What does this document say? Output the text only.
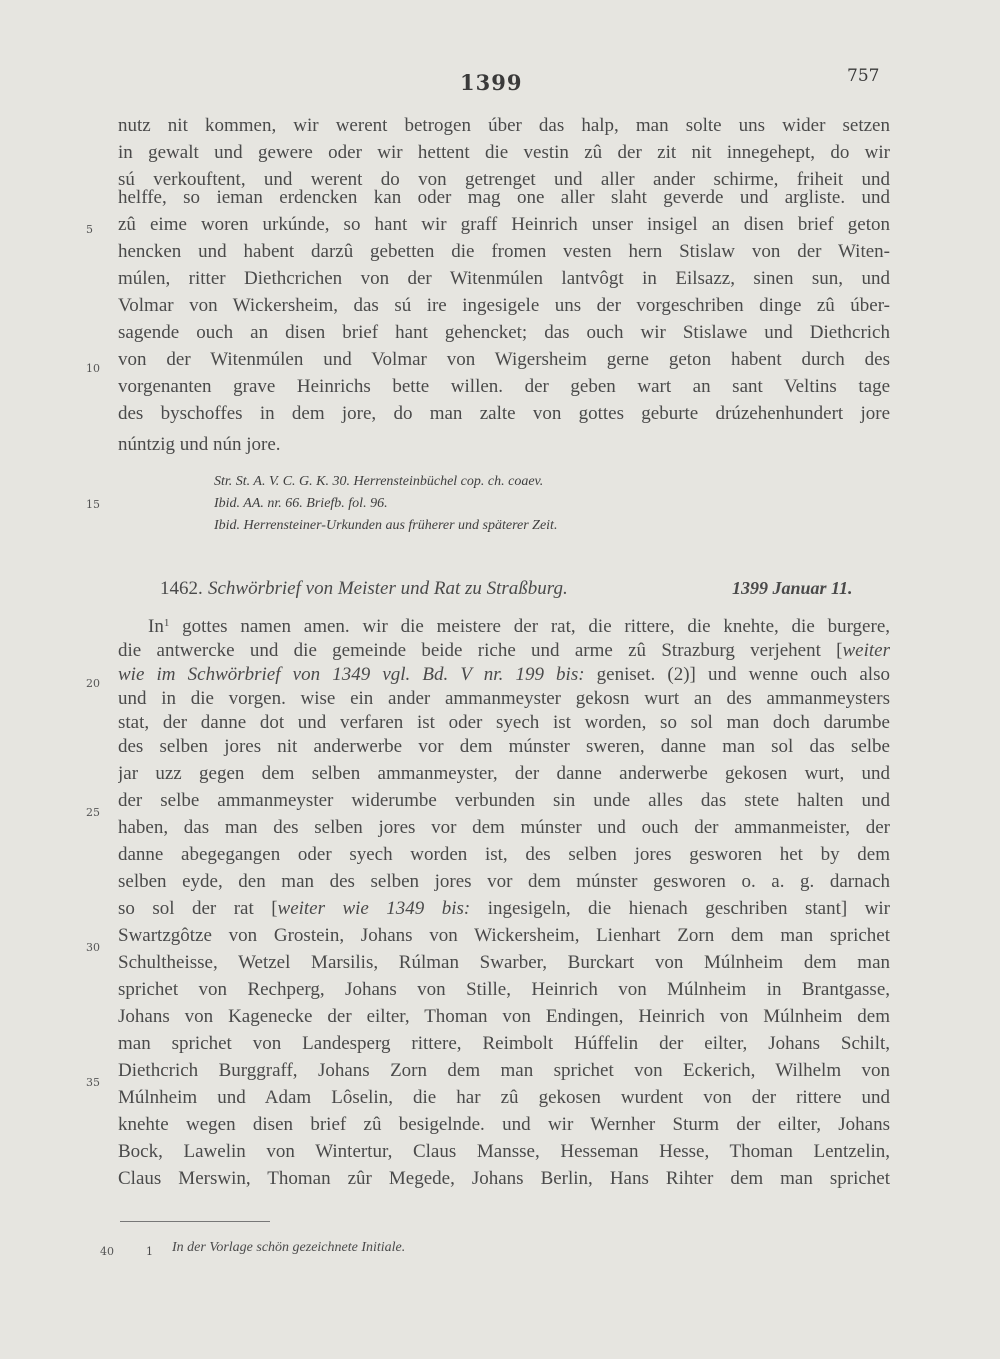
1399	757
nutz nit kommen, wir werent betrogen úber das halp, man solte uns wider setzen
in gewalt und gewere oder wir hettent die vestin zû der zit nit innegehept, do wir
sú verkouftent, und werent do von getrenget und aller ander schirme, friheit und
helffe, so ieman erdencken kan oder mag one aller slaht geverde und argliste. und
zû eime woren urkúnde, so hant wir graff Heinrich unser insigel an disen brief geton
hencken und habent darzû gebetten die fromen vesten hern Stislaw von der Witen-
múlen, ritter Diethcrichen von der Witenmúlen lantvôgt in Eilsazz, sinen sun, und
Volmar von Wickersheim, das sú ire ingesigele uns der vorgeschriben dinge zû úber-
sagende ouch an disen brief hant gehencket; das ouch wir Stislawe und Diethcrich
von der Witenmúlen und Volmar von Wigersheim gerne geton habent durch des
vorgenanten grave Heinrichs bette willen. der geben wart an sant Veltins tage
des byschoffes in dem jore, do man zalte von gottes geburte drúzehenhundert jore
núntzig und nún jore.
Str. St. A. V. C. G. K. 30. Herrensteinbüchel cop. ch. coaev.
Ibid. AA. nr. 66. Briefb. fol. 96.
Ibid. Herrensteiner-Urkunden aus früherer und späterer Zeit.
1462. Schwörbrief von Meister und Rat zu Straßburg.	1399 Januar 11.
In$^1$ gottes namen amen. wir die meistere der rat, die rittere, die knehte, die burgere,
die antwercke und die gemeinde beide riche und arme zû Strazburg verjehent [weiter
wie im Schwörbrief von 1349 vgl. Bd. V nr. 199 bis: geniset. (2)] und wenne ouch also
und in die vorgen. wise ein ander ammanmeyster gekosn wurt an des ammanmeysters
stat, der danne dot und verfaren ist oder syech ist worden, so sol man doch darumbe
des selben jores nit anderwerbe vor dem múnster sweren, danne man sol das selbe
jar uzz gegen dem selben ammanmeyster, der danne anderwerbe gekosen wurt, und
der selbe ammanmeyster widerumbe verbunden sin unde alles das stete halten und
haben, das man des selben jores vor dem múnster und ouch der ammanmeister, der
danne abegegangen oder syech worden ist, des selben jores gesworen het by dem
selben eyde, den man des selben jores vor dem múnster gesworen o. a. g. darnach
so sol der rat [weiter wie 1349 bis: ingesigeln, die hienach geschriben stant] wir
Swartzgôtze von Grostein, Johans von Wickersheim, Lienhart Zorn dem man sprichet
Schultheisse, Wetzel Marsilis, Rúlman Swarber, Burckart von Múlnheim dem man
sprichet von Rechperg, Johans von Stille, Heinrich von Múlnheim in Brantgasse,
Johans von Kagenecke der eilter, Thoman von Endingen, Heinrich von Múlnheim dem
man sprichet von Landesperg rittere, Reimbolt Húffelin der eilter, Johans Schilt,
Diethcrich Burggraff, Johans Zorn dem man sprichet von Eckerich, Wilhelm von
Múlnheim und Adam Lôselin, die har zû gekosen wurdent von der rittere und
knehte wegen disen brief zû besigelnde. und wir Wernher Sturm der eilter, Johans
Bock, Lawelin von Wintertur, Claus Mansse, Hesseman Hesse, Thoman Lentzelin,
Claus Merswin, Thoman zûr Megede, Johans Berlin, Hans Rihter dem man sprichet
5
10
15
20
25
30
35
40	1 In der Vorlage schön gezeichnete Initiale.
